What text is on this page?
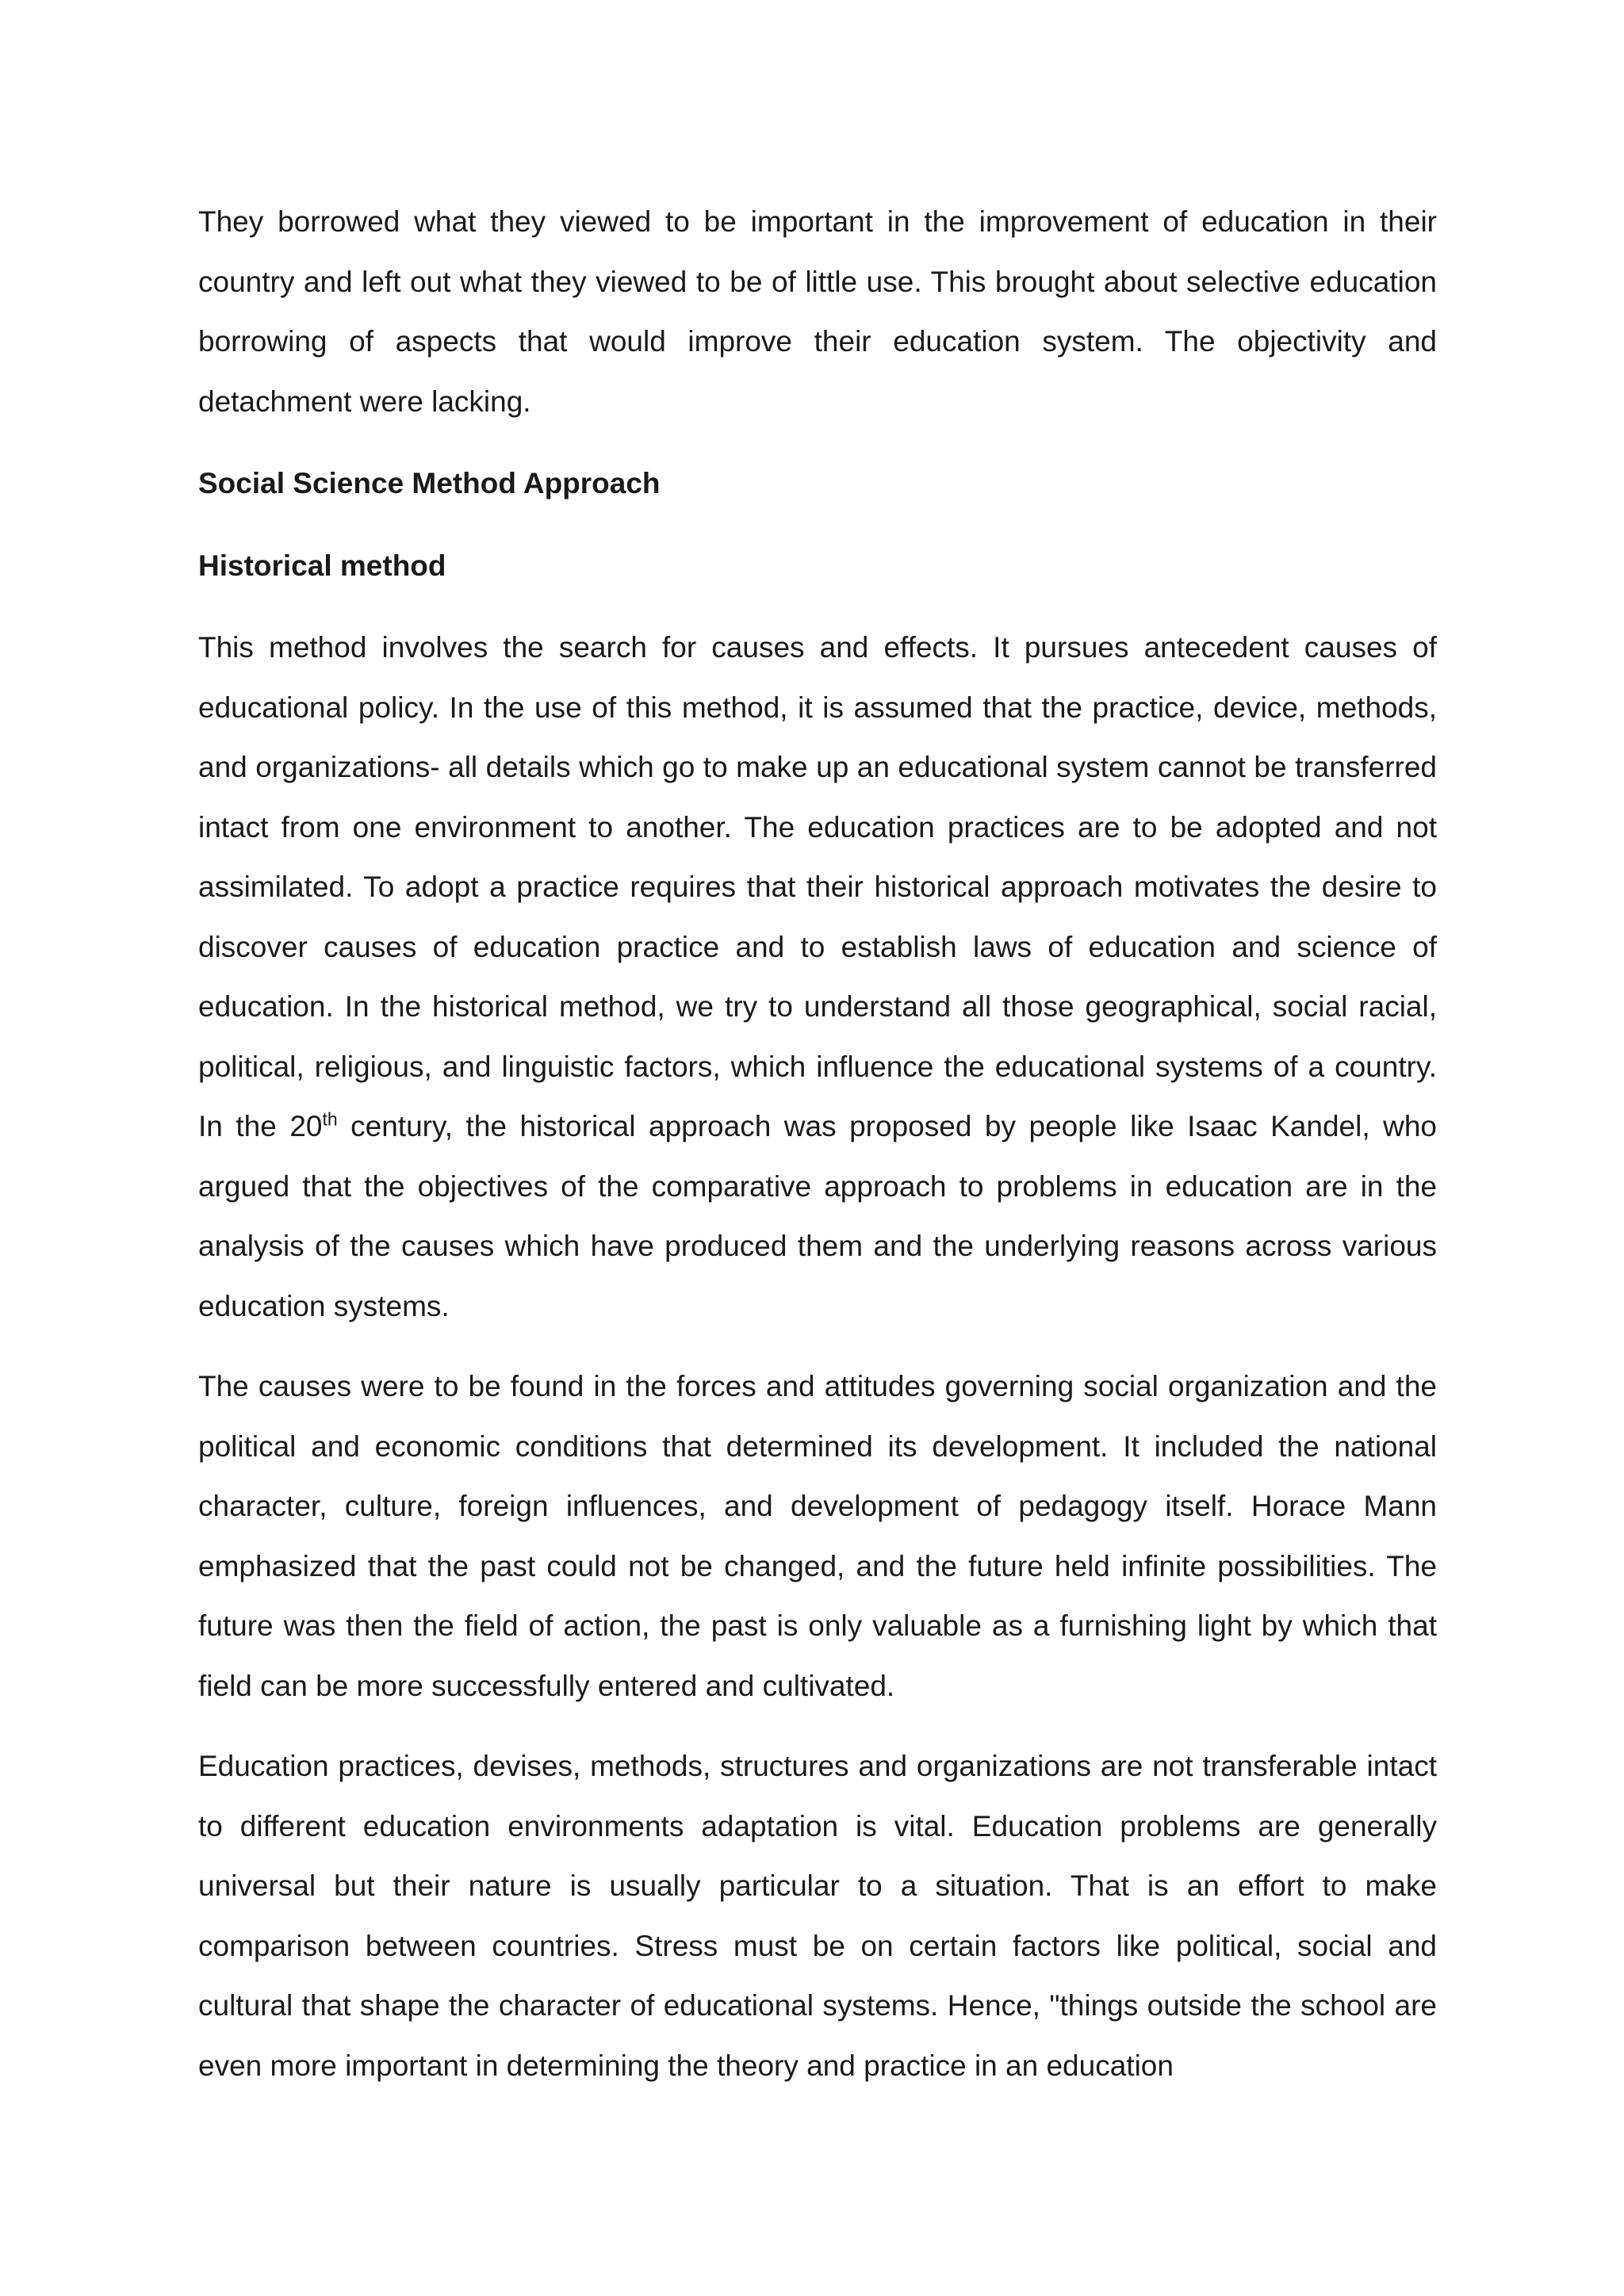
They borrowed what they viewed to be important in the improvement of education in their country and left out what they viewed to be of little use. This brought about selective education borrowing of aspects that would improve their education system. The objectivity and detachment were lacking.

Social Science Method Approach

Historical method

This method involves the search for causes and effects. It pursues antecedent causes of educational policy. In the use of this method, it is assumed that the practice, device, methods, and organizations- all details which go to make up an educational system cannot be transferred intact from one environment to another. The education practices are to be adopted and not assimilated. To adopt a practice requires that their historical approach motivates the desire to discover causes of education practice and to establish laws of education and science of education. In the historical method, we try to understand all those geographical, social racial, political, religious, and linguistic factors, which influence the educational systems of a country. In the 20th century, the historical approach was proposed by people like Isaac Kandel, who argued that the objectives of the comparative approach to problems in education are in the analysis of the causes which have produced them and the underlying reasons across various education systems.

The causes were to be found in the forces and attitudes governing social organization and the political and economic conditions that determined its development. It included the national character, culture, foreign influences, and development of pedagogy itself. Horace Mann emphasized that the past could not be changed, and the future held infinite possibilities. The future was then the field of action, the past is only valuable as a furnishing light by which that field can be more successfully entered and cultivated.

Education practices, devises, methods, structures and organizations are not transferable intact to different education environments adaptation is vital. Education problems are generally universal but their nature is usually particular to a situation. That is an effort to make comparison between countries. Stress must be on certain factors like political, social and cultural that shape the character of educational systems. Hence, "things outside the school are even more important in determining the theory and practice in an education
